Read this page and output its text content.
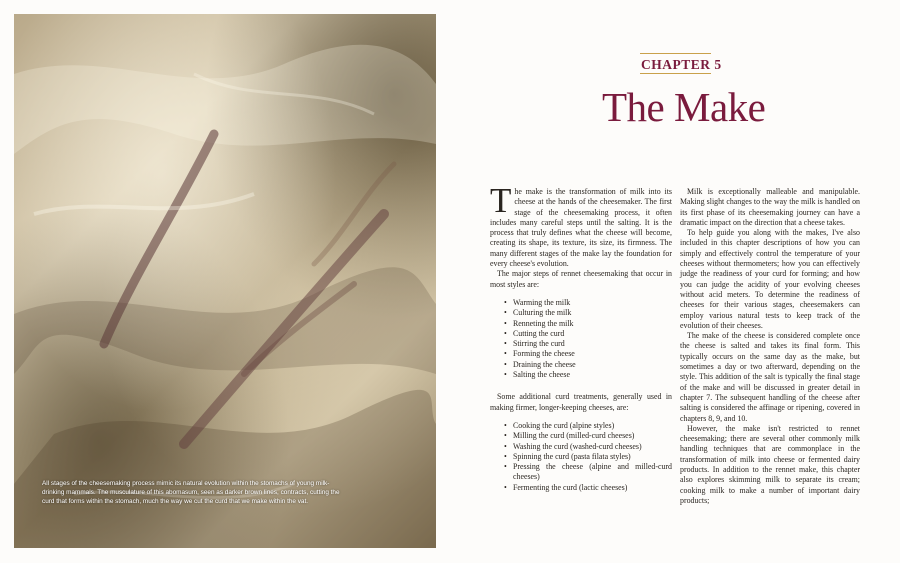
All stages of the cheesemaking process mimic its natural evolution within the stomachs of young milk-drinking mammals. The musculature of this abomasum, seen as darker brown lines, contracts, cutting the curd that forms within the stomach, much the way we cut the curd that we make within the vat.

CHAPTER 5
The Make

The make is the transformation of milk into its cheese at the hands of the cheesemaker. The first stage of the cheesemaking process, it often includes many careful steps until the salting. It is the process that truly defines what the cheese will become, creating its shape, its texture, its size, its firmness. The many different stages of the make lay the foundation for every cheese's evolution.

The major steps of rennet cheesemaking that occur in most styles are:

• Warming the milk
• Culturing the milk
• Renneting the milk
• Cutting the curd
• Stirring the curd
• Forming the cheese
• Draining the cheese
• Salting the cheese

Some additional curd treatments, generally used in making firmer, longer-keeping cheeses, are:

• Cooking the curd (alpine styles)
• Milling the curd (milled-curd cheeses)
• Washing the curd (washed-curd cheeses)
• Spinning the curd (pasta filata styles)
• Pressing the cheese (alpine and milled-curd cheeses)
• Fermenting the curd (lactic cheeses)

Milk is exceptionally malleable and manipulable. Making slight changes to the way the milk is handled on its first phase of its cheesemaking journey can have a dramatic impact on the direction that a cheese takes.

To help guide you along with the makes, I've also included in this chapter descriptions of how you can simply and effectively control the temperature of your cheeses without thermometers; how you can effectively judge the readiness of your curd for forming; and how you can judge the acidity of your evolving cheeses without acid meters. To determine the readiness of cheeses for their various stages, cheesemakers can employ various natural tests to keep track of the evolution of their cheeses.

The make of the cheese is considered complete once the cheese is salted and takes its final form. This typically occurs on the same day as the make, but sometimes a day or two afterward, depending on the style. This addition of the salt is typically the final stage of the make and will be discussed in greater detail in chapter 7. The subsequent handling of the cheese after salting is considered the affinage or ripening, covered in chapters 8, 9, and 10.

However, the make isn't restricted to rennet cheesemaking; there are several other commonly milk handling techniques that are commonplace in the transformation of milk into cheese or fermented dairy products. In addition to the rennet make, this chapter also explores skimming milk to separate its cream; cooking milk to make a number of important dairy products;
